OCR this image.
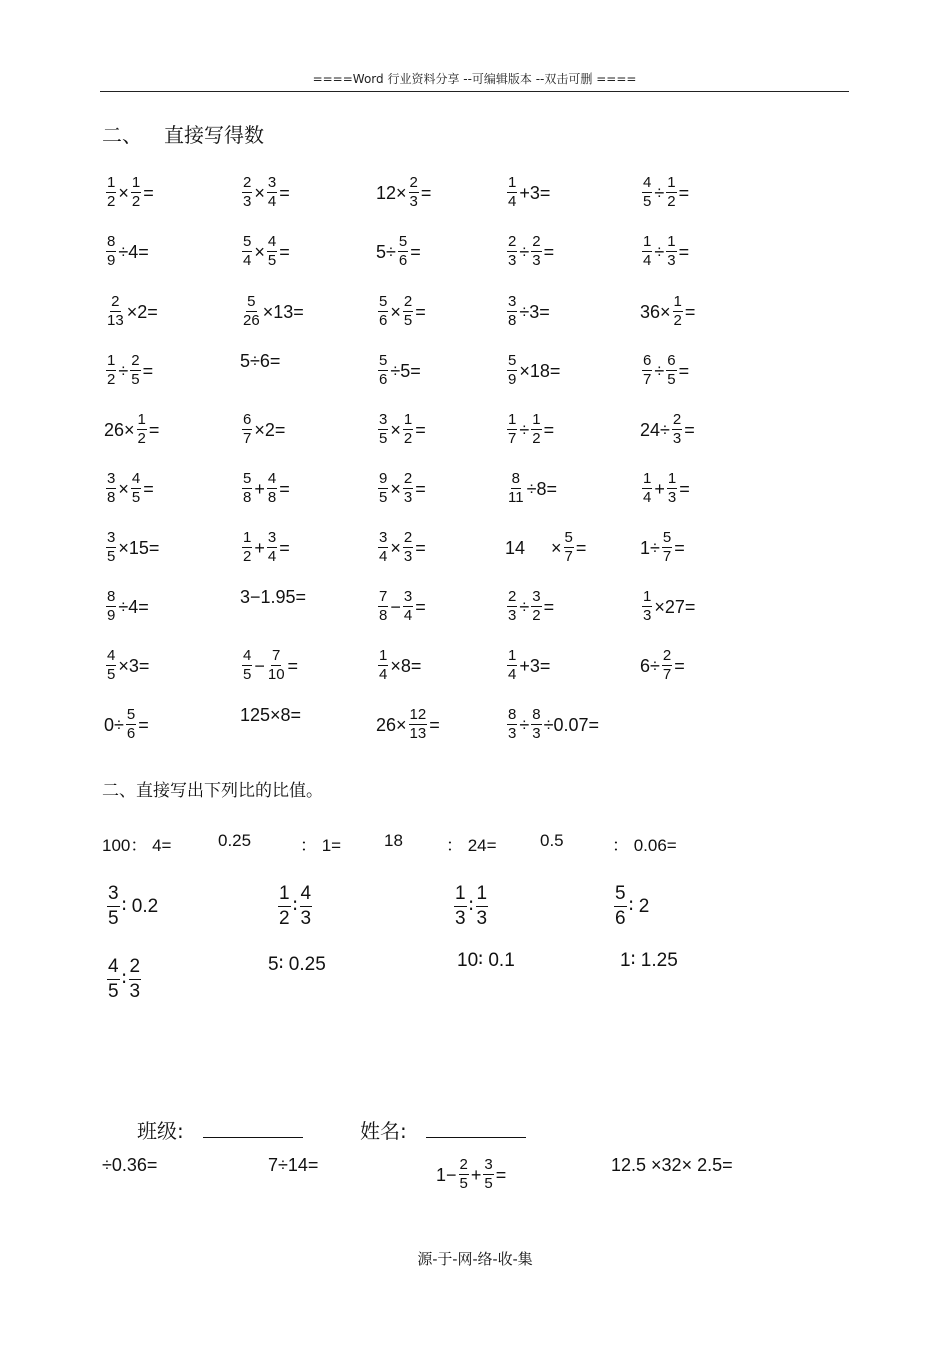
====Word 行业资料分享 --可编辑版本 --双击可删 ====
二、 直接写得数
$\frac{1}{2} \times \frac{1}{2}$ =	$\frac{2}{3} \times \frac{3}{4}$ =	$12\times \frac{2}{3}$ =	$\frac{1}{4} +3=$	$\frac{4}{5} \div \frac{1}{2}$ =
$\frac{8}{9} \div 4=$	$\frac{5}{4} \times \frac{4}{5}$ =	$5\div \frac{5}{6}$ =	$\frac{2}{3} \div \frac{2}{3}$ =	$\frac{1}{4} \div \frac{1}{3}$ =
$\frac{2}{13} \times 2=$	$\frac{5}{26} \times 13=$	$\frac{5}{6} \times \frac{2}{5}$ =	$\frac{3}{8} \div 3=$	$36\times \frac{1}{2}$ =
$\frac{1}{2} \div \frac{2}{5}$ =	5÷6=	$\frac{5}{6} \div 5=$	$\frac{5}{9} \times 18=$	$\frac{6}{7} \div \frac{6}{5}$ =
$26\times \frac{1}{2}$ =	$\frac{6}{7} \times 2=$	$\frac{3}{5} \times \frac{1}{2}$ =	$\frac{1}{7} \div \frac{1}{2}$ =	$24\div \frac{2}{3}$ =
$\frac{3}{8} \times \frac{4}{5}$ =	$\frac{5}{8} + \frac{4}{8}$ =	$\frac{9}{5} \times \frac{2}{3}$ =	$\frac{8}{11} \div 8=$	$\frac{1}{4} + \frac{1}{3}$ =
$\frac{3}{5} \times 15=$	$\frac{1}{2} + \frac{3}{4}$ =	$\frac{3}{4} \times \frac{2}{3}$ =	$14 \times \frac{5}{7}$ =	$1\div \frac{5}{7}$ =
$\frac{8}{9} \div 4=$	3−1.95=	$\frac{7}{8} - \frac{3}{4}$ =	$\frac{2}{3} \div \frac{3}{2}$ =	$\frac{1}{3} \times 27=$
$\frac{4}{5} \times 3=$	$\frac{4}{5} - \frac{7}{10}$ =	$\frac{1}{4} \times 8=$	$\frac{1}{4} +3=$	$6\div \frac{2}{7}$ =
$0\div \frac{5}{6}$ =	125×8=	$26\times \frac{12}{13}$ =	$\frac{8}{3} \div \frac{8}{3} \div 0.07=$
二、直接写出下列比的比值。
100： 4=	0.25	： 1=	18	： 24=	0.5	： 0.06=
$\frac{3}{5}$ ∶ 0.2	$\frac{1}{2}$ ∶ $\frac{4}{3}$	$\frac{1}{3}$ ∶ $\frac{1}{3}$	$\frac{5}{6}$ ∶ 2
$\frac{4}{5}$ ∶ $\frac{2}{3}$	5∶ 0.25	10∶ 0.1	1∶ 1.25
班级:	姓名:
÷0.36=	7÷14=	$1- \frac{2}{5} + \frac{3}{5}$ =	12.5 ×32× 2.5=
源-于-网-络-收-集
